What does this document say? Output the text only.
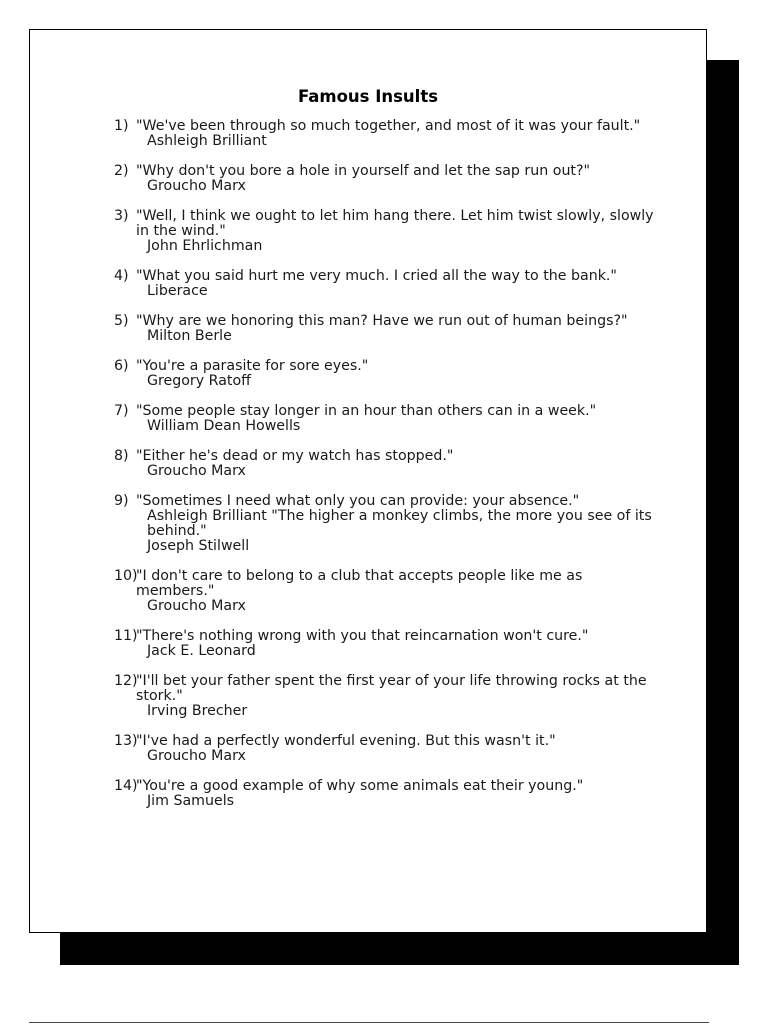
Famous Insults
1) "We've been through so much together, and most of it was your fault."
Ashleigh Brilliant
2) "Why don't you bore a hole in yourself and let the sap run out?"
Groucho Marx
3) "Well, I think we ought to let him hang there. Let him twist slowly, slowly in the wind."
John Ehrlichman
4) "What you said hurt me very much. I cried all the way to the bank."
Liberace
5) "Why are we honoring this man? Have we run out of human beings?"
Milton Berle
6) "You're a parasite for sore eyes."
Gregory Ratoff
7) "Some people stay longer in an hour than others can in a week."
William Dean Howells
8) "Either he's dead or my watch has stopped."
Groucho Marx
9) "Sometimes I need what only you can provide: your absence."
Ashleigh Brilliant "The higher a monkey climbs, the more you see of its behind."
Joseph Stilwell
10)
"I don't care to belong to a club that accepts people like me as members."
Groucho Marx
11)
"There's nothing wrong with you that reincarnation won't cure."
Jack E. Leonard
12)
"I'll bet your father spent the first year of your life throwing rocks at the stork."
Irving Brecher
13)
"I've had a perfectly wonderful evening. But this wasn't it."
Groucho Marx
14)
"You're a good example of why some animals eat their young."
Jim Samuels
